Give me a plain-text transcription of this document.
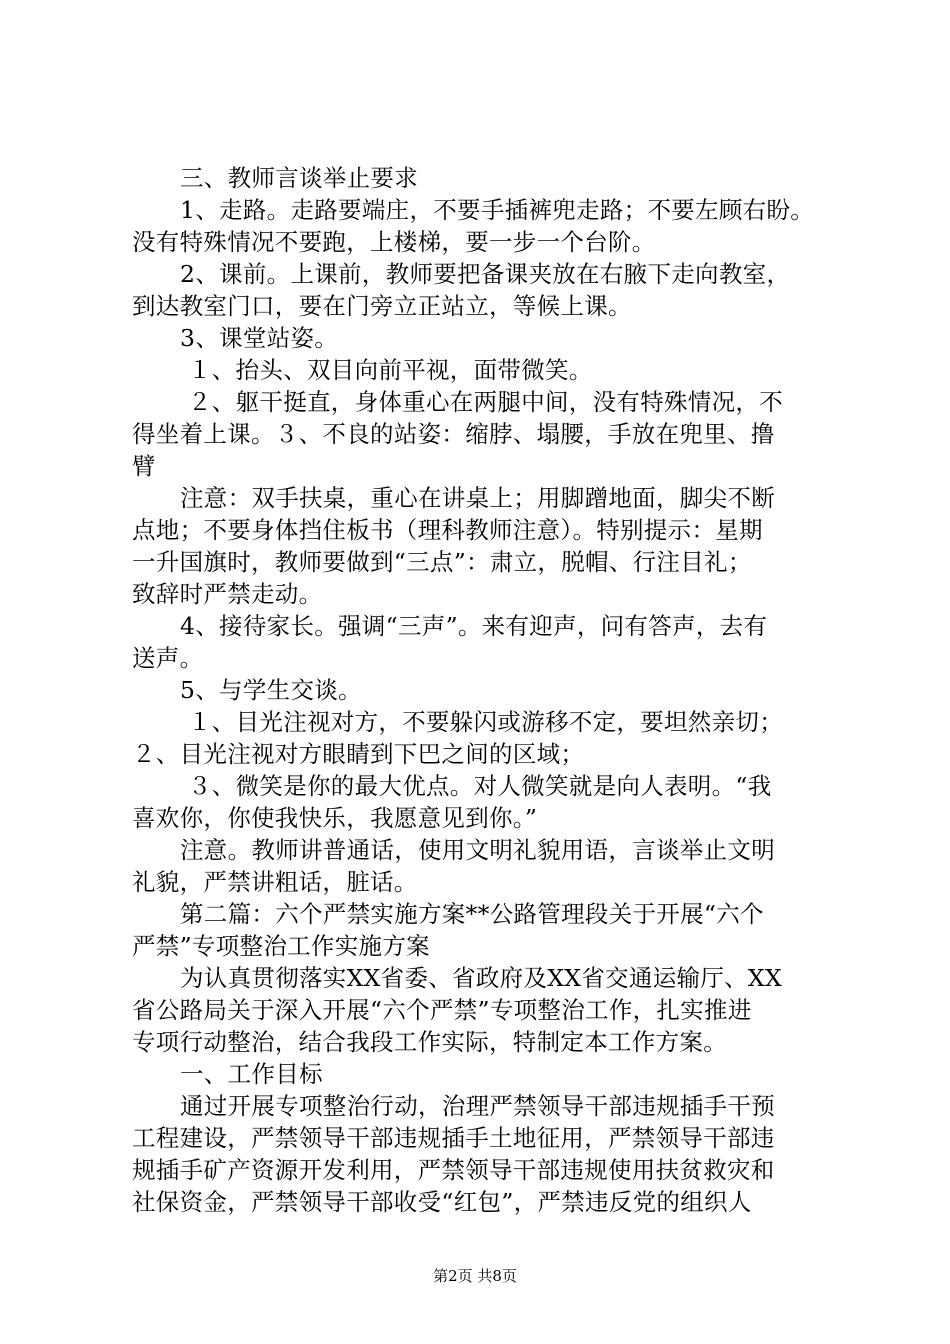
三、教师言谈举止要求
1、走路。走路要端庄，不要手插裤兜走路；不要左顾右盼。
没有特殊情况不要跑，上楼梯，要一步一个台阶。
2、课前。上课前，教师要把备课夹放在右腋下走向教室，
到达教室门口，要在门旁立正站立，等候上课。
3、课堂站姿。
１、抬头、双目向前平视，面带微笑。
２、躯干挺直，身体重心在两腿中间，没有特殊情况，不
得坐着上课。３、不良的站姿：缩脖、塌腰，手放在兜里、撸
臂
注意：双手扶桌，重心在讲桌上；用脚蹭地面，脚尖不断
点地；不要身体挡住板书（理科教师注意）。特别提示：星期
一升国旗时，教师要做到“三点”：肃立，脱帽、行注目礼；
致辞时严禁走动。
4、接待家长。强调“三声”。来有迎声，问有答声，去有
送声。
5、与学生交谈。
１、目光注视对方，不要躲闪或游移不定，要坦然亲切；
２、目光注视对方眼睛到下巴之间的区域；
３、微笑是你的最大优点。对人微笑就是向人表明。“我
喜欢你，你使我快乐，我愿意见到你。”
注意。教师讲普通话，使用文明礼貌用语，言谈举止文明
礼貌，严禁讲粗话，脏话。
第二篇：六个严禁实施方案**公路管理段关于开展“六个
严禁”专项整治工作实施方案
为认真贯彻落实XX省委、省政府及XX省交通运输厅、XX
省公路局关于深入开展“六个严禁”专项整治工作，扎实推进
专项行动整治，结合我段工作实际，特制定本工作方案。
一、工作目标
通过开展专项整治行动，治理严禁领导干部违规插手干预
工程建设，严禁领导干部违规插手土地征用，严禁领导干部违
规插手矿产资源开发利用，严禁领导干部违规使用扶贫救灾和
社保资金，严禁领导干部收受“红包”，严禁违反党的组织人
第2页 共8页
